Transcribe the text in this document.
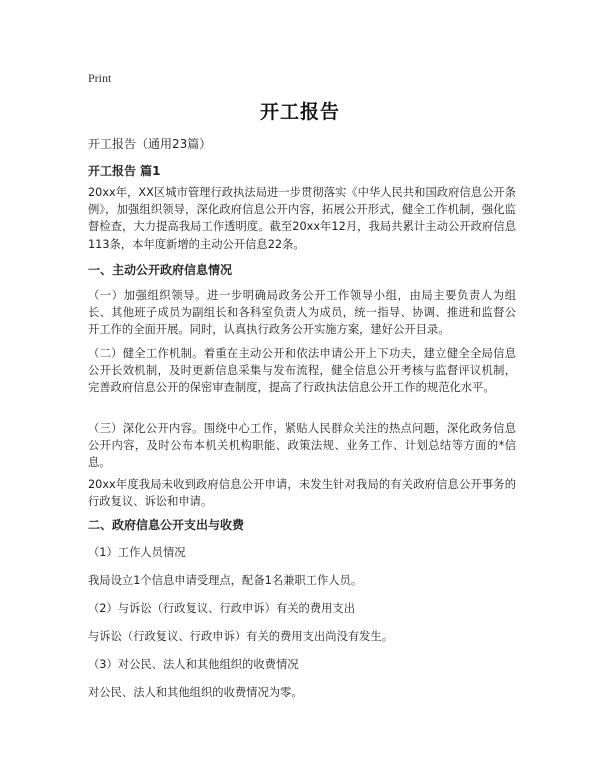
Print
开工报告
开工报告（通用23篇）
开工报告 篇1

20xx年，XX区城市管理行政执法局进一步贯彻落实《中华人民共和国政府信息公开条例》，加强组织领导，深化政府信息公开内容，拓展公开形式，健全工作机制，强化监督检查，大力提高我局工作透明度。截至20xx年12月，我局共累计主动公开政府信息113条，本年度新增的主动公开信息22条。

一、主动公开政府信息情况

（一）加强组织领导。进一步明确局政务公开工作领导小组，由局主要负责人为组长、其他班子成员为副组长和各科室负责人为成员，统一指导、协调、推进和监督公开工作的全面开展。同时，认真执行政务公开实施方案，建好公开目录。

（二）健全工作机制。着重在主动公开和依法申请公开上下功夫，建立健全全局信息公开长效机制，及时更新信息采集与发布流程，健全信息公开考核与监督评议机制，完善政府信息公开的保密审查制度，提高了行政执法信息公开工作的规范化水平。

（三）深化公开内容。围绕中心工作，紧贴人民群众关注的热点问题，深化政务信息公开内容，及时公布本机关机构职能、政策法规、业务工作、计划总结等方面的*信息。

20xx年度我局未收到政府信息公开申请，未发生针对我局的有关政府信息公开事务的行政复议、诉讼和申请。

二、政府信息公开支出与收费

（1）工作人员情况

我局设立1个信息申请受理点，配备1名兼职工作人员。

（2）与诉讼（行政复议、行政申诉）有关的费用支出

与诉讼（行政复议、行政申诉）有关的费用支出尚没有发生。

（3）对公民、法人和其他组织的收费情况

对公民、法人和其他组织的收费情况为零。
